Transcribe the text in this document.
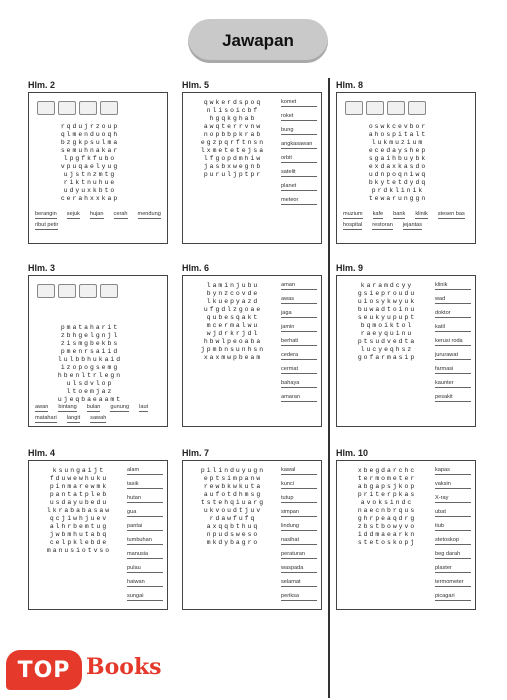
Jawapan
Hlm. 2
rqdujrzoup
qlmenduoqh
bzgkpsulma
semuhnakar
lpgfkfubo
vpuqaelyug
ujstnzmtg
riktnuhue
udyuxkbto
cerahxxkap
berangin sejuk hujan cerah mendung
ribut petir
Hlm. 5
qwkerdspoq
nlisoicbf
hgqkghab
awqterrvnw
nopbbpkrab
egzpqrftnsn
lxmetetejsa
lfgopdmhiw
jasbxwegnb
puruljptpr
komet
roket
bung
angkasawan
orbit
satelit
planet
meteor
Hlm. 8
oswkcevbor
ahospitalt
lukmuzium
ecedayshep
sgaihbuybk
exdaxkasdo
udnpoqniwq
bkytetdydq
prdklinik
tewarunggn
muzium kafe bank klinik stesen bas
hospital restoran jejantas
Hlm. 3
pmataharit
zbhgelgnjl
zismgbekbs
pmenrsaiid
lulbbhukaid
izopogsemg
hbenltrlegn
ulsdvlop
ltoemjaz
ujeqbaeaamt
awan bintang bulan gunung laut
matahari langit sawah
Hlm. 6
laminjubu
bynzcovde
lkuepyazd
ufgdlzgoae
qubesqakt
mcermalwu
wjdrkrjdl
hbwlpeoaba
jpmbnsunhsn
xaxmwpbeam
aman
awas
jaga
jamin
berhati
cedera
cermat
bahaya
amaran
Hlm. 9
karamdcyy
gsieproudu
uiosykwyuk
buwadtoinu
seukyupupt
bqmoiktol
raeyquinu
ptsudvedta
lucyeqhsz
gofarmasip
klinik
wad
doktor
katil
kerusi roda
jururawat
farmasi
kaunter
pesakit
Hlm. 4
ksungaijt
fduwewhuku
pinmarewmk
pantatpleb
usdayubedu
lkrababasaw
qcjiwhjuev
alhrbemtug
jwbmhutabq
celpklebde
manusiotvso
alam
tasik
hutan
gua
pantai
tumbuhan
manusia
pulau
haiwan
sungai
Hlm. 7
pilinduyugn
eptsimpanw
rewbkwkuta
aufotdhmsg
tstehqiuarg
ukvoudtjuv
rdawfufq
axqqbthuq
npudsweso
mkdybagro
kawal
kunci
tutup
simpan
lindung
nasihat
peraturan
waspada
selamat
periksa
Hlm. 10
xbegdarchc
termometer
abgapsjkop
priterpkas
avoksindc
naecnbrqus
ghrpeaqdrg
zbstbowyvo
iddmaearkn
stetoskopj
kapas
vaksin
X-ray
ubat
tiub
stetoskop
beg darah
plaster
termometer
picagari
TOP Books
